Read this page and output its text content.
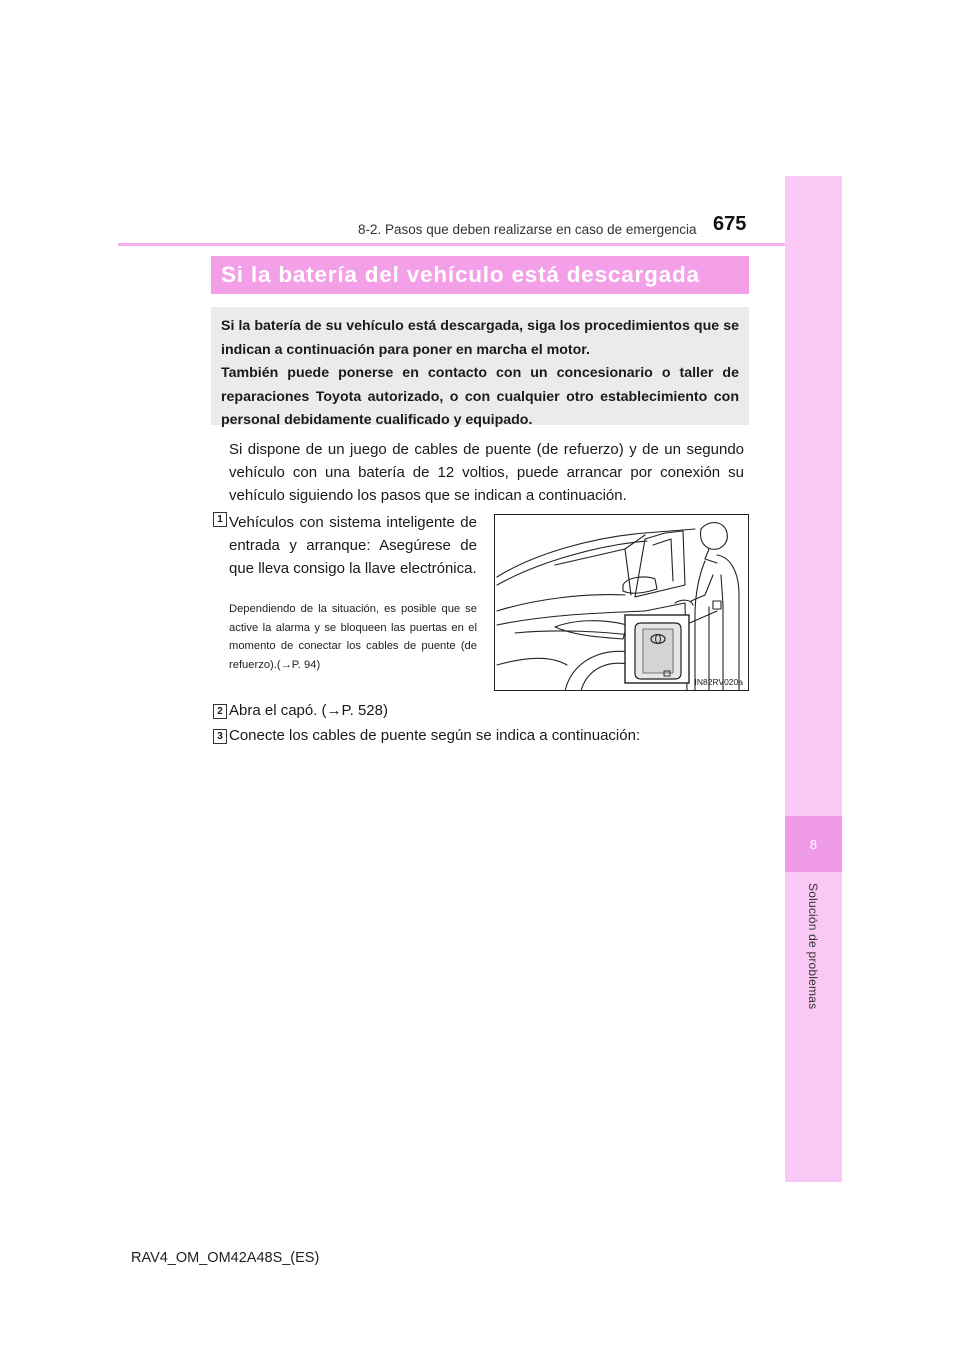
8
Solución de problemas
8-2. Pasos que deben realizarse en caso de emergencia 675
Si la batería del vehículo está descargada

Si la batería de su vehículo está descargada, siga los procedimientos que se indican a continuación para poner en marcha el motor.

También puede ponerse en contacto con un concesionario o taller de reparaciones Toyota autorizado, o con cualquier otro establecimiento con personal debidamente cualificado y equipado.

Si dispone de un juego de cables de puente (de refuerzo) y de un segundo vehículo con una batería de 12 voltios, puede arrancar por conexión su vehículo siguiendo los pasos que se indican a continuación.

1 Vehículos con sistema inteligente de entrada y arranque: Asegúrese de que lleva consigo la llave electrónica.

Dependiendo de la situación, es posible que se active la alarma y se bloqueen las puertas en el momento de conectar los cables de puente (de refuerzo).(→P. 94)

IN82RV020a
2 Abra el capó. (→P. 528)

3 Conecte los cables de puente según se indica a continuación:

RAV4_OM_OM42A48S_(ES)
